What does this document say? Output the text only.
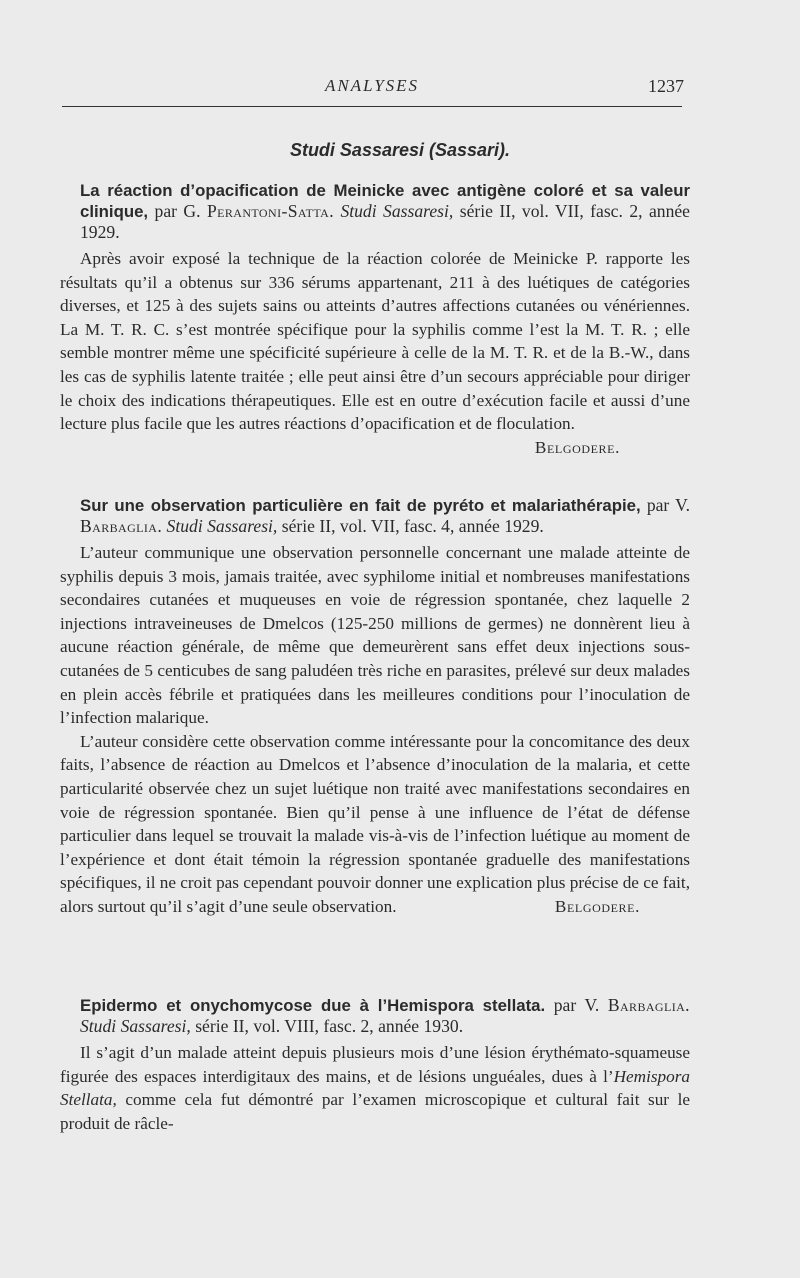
ANALYSES	1237
Studi Sassaresi (Sassari).
La réaction d’opacification de Meinicke avec antigène coloré et sa valeur clinique, par G. Perantoni-Satta. Studi Sassaresi, série II, vol. VII, fasc. 2, année 1929.

Après avoir exposé la technique de la réaction colorée de Meinicke P. rapporte les résultats qu’il a obtenus sur 336 sérums appartenant, 211 à des luétiques de catégories diverses, et 125 à des sujets sains ou atteints d’autres affections cutanées ou vénériennes. La M. T. R. C. s’est montrée spécifique pour la syphilis comme l’est la M. T. R. ; elle semble montrer même une spécificité supérieure à celle de la M. T. R. et de la B.-W., dans les cas de syphilis latente traitée ; elle peut ainsi être d’un secours appréciable pour diriger le choix des indications thérapeutiques. Elle est en outre d’exécution facile et aussi d’une lecture plus facile que les autres réactions d’opacification et de floculation.

Belgodere.
Sur une observation particulière en fait de pyréto et malariathérapie, par V. Barbaglia. Studi Sassaresi, série II, vol. VII, fasc. 4, année 1929.

L’auteur communique une observation personnelle concernant une malade atteinte de syphilis depuis 3 mois, jamais traitée, avec syphilome initial et nombreuses manifestations secondaires cutanées et muqueuses en voie de régression spontanée, chez laquelle 2 injections intraveineuses de Dmelcos (125-250 millions de germes) ne donnèrent lieu à aucune réaction générale, de même que demeurèrent sans effet deux injections sous-cutanées de 5 centicubes de sang paludéen très riche en parasites, prélevé sur deux malades en plein accès fébrile et pratiquées dans les meilleures conditions pour l’inoculation de l’infection malarique.

L’auteur considère cette observation comme intéressante pour la concomitance des deux faits, l’absence de réaction au Dmelcos et l’absence d’inoculation de la malaria, et cette particularité observée chez un sujet luétique non traité avec manifestations secondaires en voie de régression spontanée. Bien qu’il pense à une influence de l’état de défense particulier dans lequel se trouvait la malade vis-à-vis de l’infection luétique au moment de l’expérience et dont était témoin la régression spontanée graduelle des manifestations spécifiques, il ne croit pas cependant pouvoir donner une explication plus précise de ce fait, alors surtout qu’il s’agit d’une seule observation.	Belgodere.

Epidermo et onychomycose due à l’Hemispora stellata. par V. Barbaglia. Studi Sassaresi, série II, vol. VIII, fasc. 2, année 1930.

Il s’agit d’un malade atteint depuis plusieurs mois d’une lésion érythémato-squameuse figurée des espaces interdigitaux des mains, et de lésions unguéales, dues à l’Hemispora Stellata, comme cela fut démontré par l’examen microscopique et cultural fait sur le produit de râcle-
